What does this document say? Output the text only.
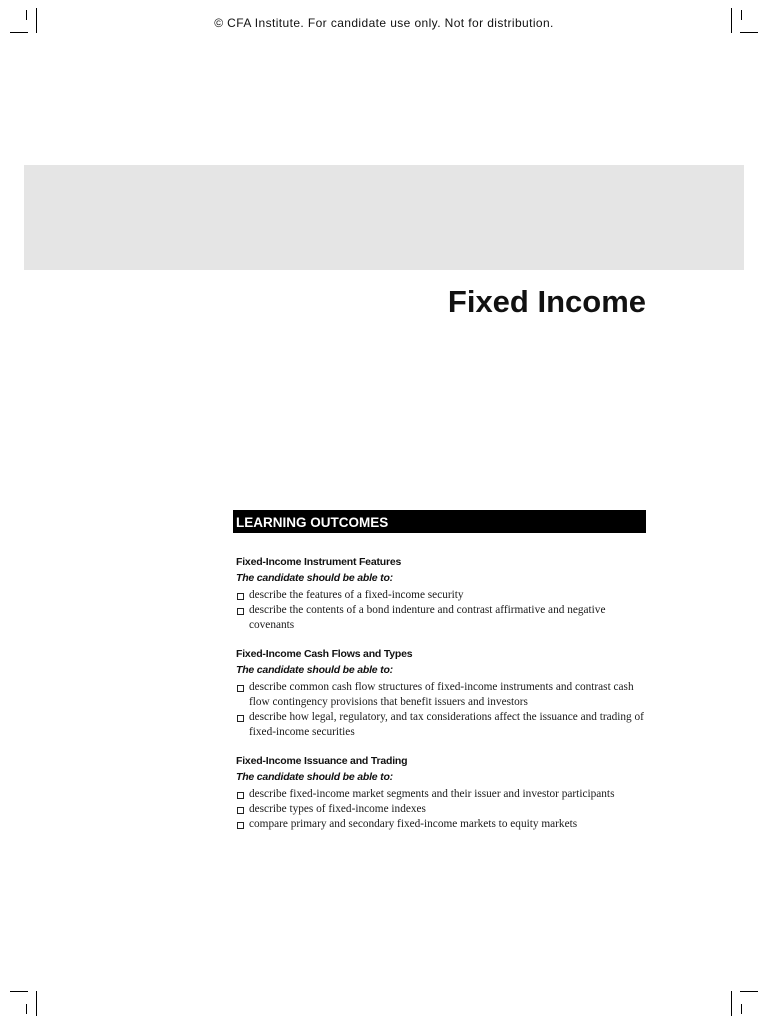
© CFA Institute. For candidate use only. Not for distribution.
Fixed Income
LEARNING OUTCOMES

Fixed-Income Instrument Features

The candidate should be able to:

describe the features of a fixed-income security
describe the contents of a bond indenture and contrast affirmative and negative covenants

Fixed-Income Cash Flows and Types

The candidate should be able to:

describe common cash flow structures of fixed-income instruments and contrast cash flow contingency provisions that benefit issuers and investors
describe how legal, regulatory, and tax considerations affect the issuance and trading of fixed-income securities

Fixed-Income Issuance and Trading

The candidate should be able to:

describe fixed-income market segments and their issuer and investor participants
describe types of fixed-income indexes
compare primary and secondary fixed-income markets to equity markets
